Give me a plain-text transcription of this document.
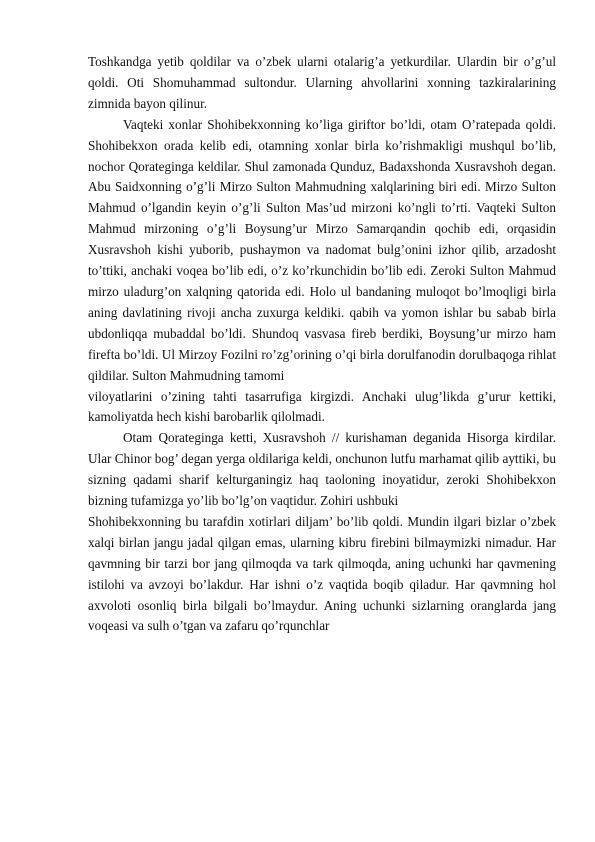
Toshkandga yetib qoldilar va o’zbek ularni otalarig’a yetkurdilar. Ulardin bir o’g’ul qoldi. Oti Shomuhammad sultondur. Ularning ahvollarini xonning tazkiralarining zimnida bayon qilinur.

Vaqteki xonlar Shohibekxonning ko’liga giriftor bo’ldi, otam O’ratepada qoldi. Shohibekxon orada kelib edi, otamning xonlar birla ko’rishmakligi mushqul bo’lib, nochor Qorateginga keldilar. Shul zamonada Qunduz, Badaxshonda Xusravshoh degan. Abu Saidxonning o’g’li Mirzo Sulton Mahmudning xalqlarining biri edi. Mirzo Sulton Mahmud o’lgandin keyin o’g’li Sulton Mas’ud mirzoni ko’ngli to’rti. Vaqteki Sulton Mahmud mirzoning o’g’li Boysung’ur Mirzo Samarqandin qochib edi, orqasidin Xusravshoh kishi yuborib, pushaymon va nadomat bulg’onini izhor qilib, arzadosht to’ttiki, anchaki voqea bo’lib edi, o’z ko’rkunchidin bo’lib edi. Zeroki Sulton Mahmud mirzo uladurg’on xalqning qatorida edi. Holo ul bandaning muloqot bo’lmoqligi birla aning davlatining rivoji ancha zuxurga keldiki. qabih va yomon ishlar bu sabab birla ubdonliqqa mubaddal bo’ldi. Shundoq vasvasa fireb berdiki, Boysung’ur mirzo ham firefta bo’ldi. Ul Mirzoy Fozilni ro’zg’orining o’qi birla dorulfanodin dorulbaqoga rihlat qildilar. Sulton Mahmudning tamomi

viloyatlarini o’zining tahti tasarrufiga kirgizdi. Anchaki ulug’likda g’urur kettiki, kamoliyatda hech kishi barobarlik qilolmadi.

Otam Qorateginga ketti, Xusravshoh // kurishaman deganida Hisorga kirdilar. Ular Chinor bog’ degan yerga oldilariga keldi, onchunon lutfu marhamat qilib ayttiki, bu sizning qadami sharif kelturganingiz haq taoloning inoyatidur, zeroki Shohibekxon bizning tufamizga yo’lib bo’lg’on vaqtidur. Zohiri ushbuki

Shohibekxonning bu tarafdin xotirlari diljam’ bo’lib qoldi. Mundin ilgari bizlar o’zbek xalqi birlan jangu jadal qilgan emas, ularning kibru firebini bilmaymizki nimadur. Har qavmning bir tarzi bor jang qilmoqda va tark qilmoqda, aning uchunki har qavmening istilohi va avzoyi bo’lakdur. Har ishni o’z vaqtida boqib qiladur. Har qavmning hol axvoloti osonliq birla bilgali bo’lmaydur. Aning uchunki sizlarning oranglarda jang voqeasi va sulh o’tgan va zafaru qo’rqunchlar
